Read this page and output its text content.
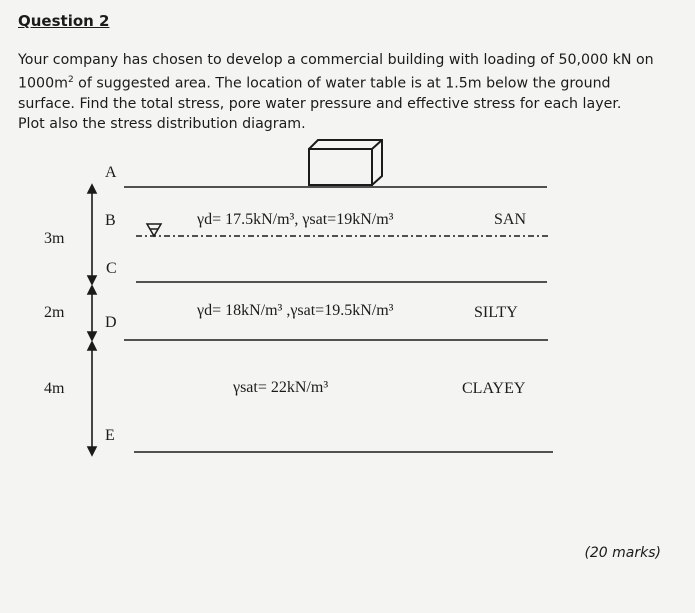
Question 2
Your company has chosen to develop a commercial building with loading of 50,000 kN on
$1000m^2$ of suggested area. The location of water table is at 1.5m below the ground
surface. Find the total stress, pore water pressure and effective stress for each layer.
Plot also the stress distribution diagram.
A
B
C
D
E
3m
2m
4m
γd= 17.5kN/m³, γsat=19kN/m³	SAN
γd= 18kN/m³ ,γsat=19.5kN/m³	SILTY
γsat= 22kN/m³	CLAYEY
(20 marks)
